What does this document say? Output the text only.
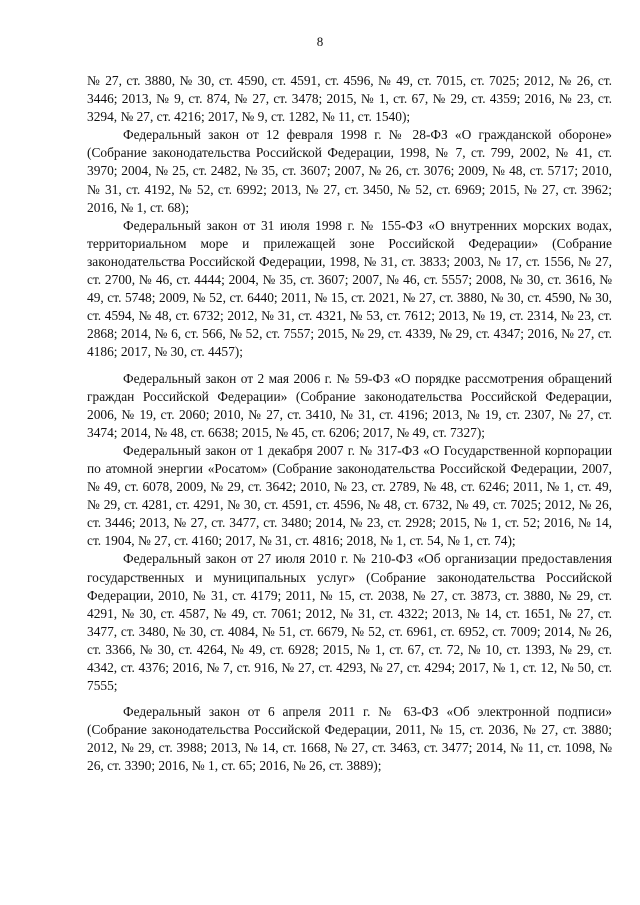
8

№ 27, ст. 3880, № 30, ст. 4590, ст. 4591, ст. 4596, № 49, ст. 7015, ст. 7025; 2012, № 26, ст. 3446; 2013, № 9, ст. 874, № 27, ст. 3478; 2015, № 1, ст. 67, № 29, ст. 4359; 2016, № 23, ст. 3294, № 27, ст. 4216; 2017, № 9, ст. 1282, № 11, ст. 1540);

Федеральный закон от 12 февраля 1998 г. № 28-ФЗ «О гражданской обороне» (Собрание законодательства Российской Федерации, 1998, № 7, ст. 799, 2002, № 41, ст. 3970; 2004, № 25, ст. 2482, № 35, ст. 3607; 2007, № 26, ст. 3076; 2009, № 48, ст. 5717; 2010, № 31, ст. 4192, № 52, ст. 6992; 2013, № 27, ст. 3450, № 52, ст. 6969; 2015, № 27, ст. 3962; 2016, № 1, ст. 68);

Федеральный закон от 31 июля 1998 г. № 155-ФЗ «О внутренних морских водах, территориальном море и прилежащей зоне Российской Федерации» (Собрание законодательства Российской Федерации, 1998, № 31, ст. 3833; 2003, № 17, ст. 1556, № 27, ст. 2700, № 46, ст. 4444; 2004, № 35, ст. 3607; 2007, № 46, ст. 5557; 2008, № 30, ст. 3616, № 49, ст. 5748; 2009, № 52, ст. 6440; 2011, № 15, ст. 2021, № 27, ст. 3880, № 30, ст. 4590, № 30, ст. 4594, № 48, ст. 6732; 2012, № 31, ст. 4321, № 53, ст. 7612; 2013, № 19, ст. 2314, № 23, ст. 2868; 2014, № 6, ст. 566, № 52, ст. 7557; 2015, № 29, ст. 4339, № 29, ст. 4347; 2016, № 27, ст. 4186; 2017, № 30, ст. 4457);

Федеральный закон от 2 мая 2006 г. № 59-ФЗ «О порядке рассмотрения обращений граждан Российской Федерации» (Собрание законодательства Российской Федерации, 2006, № 19, ст. 2060; 2010, № 27, ст. 3410, № 31, ст. 4196; 2013, № 19, ст. 2307, № 27, ст. 3474; 2014, № 48, ст. 6638; 2015, № 45, ст. 6206; 2017, № 49, ст. 7327);

Федеральный закон от 1 декабря 2007 г. № 317-ФЗ «О Государственной корпорации по атомной энергии «Росатом» (Собрание законодательства Российской Федерации, 2007, № 49, ст. 6078, 2009, № 29, ст. 3642; 2010, № 23, ст. 2789, № 48, ст. 6246; 2011, № 1, ст. 49, № 29, ст. 4281, ст. 4291, № 30, ст. 4591, ст. 4596, № 48, ст. 6732, № 49, ст. 7025; 2012, № 26, ст. 3446; 2013, № 27, ст. 3477, ст. 3480; 2014, № 23, ст. 2928; 2015, № 1, ст. 52; 2016, № 14, ст. 1904, № 27, ст. 4160; 2017, № 31, ст. 4816; 2018, № 1, ст. 54, № 1, ст. 74);

Федеральный закон от 27 июля 2010 г. № 210-ФЗ «Об организации предоставления государственных и муниципальных услуг» (Собрание законодательства Российской Федерации, 2010, № 31, ст. 4179; 2011, № 15, ст. 2038, № 27, ст. 3873, ст. 3880, № 29, ст. 4291, № 30, ст. 4587, № 49, ст. 7061; 2012, № 31, ст. 4322; 2013, № 14, ст. 1651, № 27, ст. 3477, ст. 3480, № 30, ст. 4084, № 51, ст. 6679, № 52, ст. 6961, ст. 6952, ст. 7009; 2014, № 26, ст. 3366, № 30, ст. 4264, № 49, ст. 6928; 2015, № 1, ст. 67, ст. 72, № 10, ст. 1393, № 29, ст. 4342, ст. 4376; 2016, № 7, ст. 916, № 27, ст. 4293, № 27, ст. 4294; 2017, № 1, ст. 12, № 50, ст. 7555;

Федеральный закон от 6 апреля 2011 г. № 63-ФЗ «Об электронной подписи» (Собрание законодательства Российской Федерации, 2011, № 15, ст. 2036, № 27, ст. 3880; 2012, № 29, ст. 3988; 2013, № 14, ст. 1668, № 27, ст. 3463, ст. 3477; 2014, № 11, ст. 1098, № 26, ст. 3390; 2016, № 1, ст. 65; 2016, № 26, ст. 3889);
